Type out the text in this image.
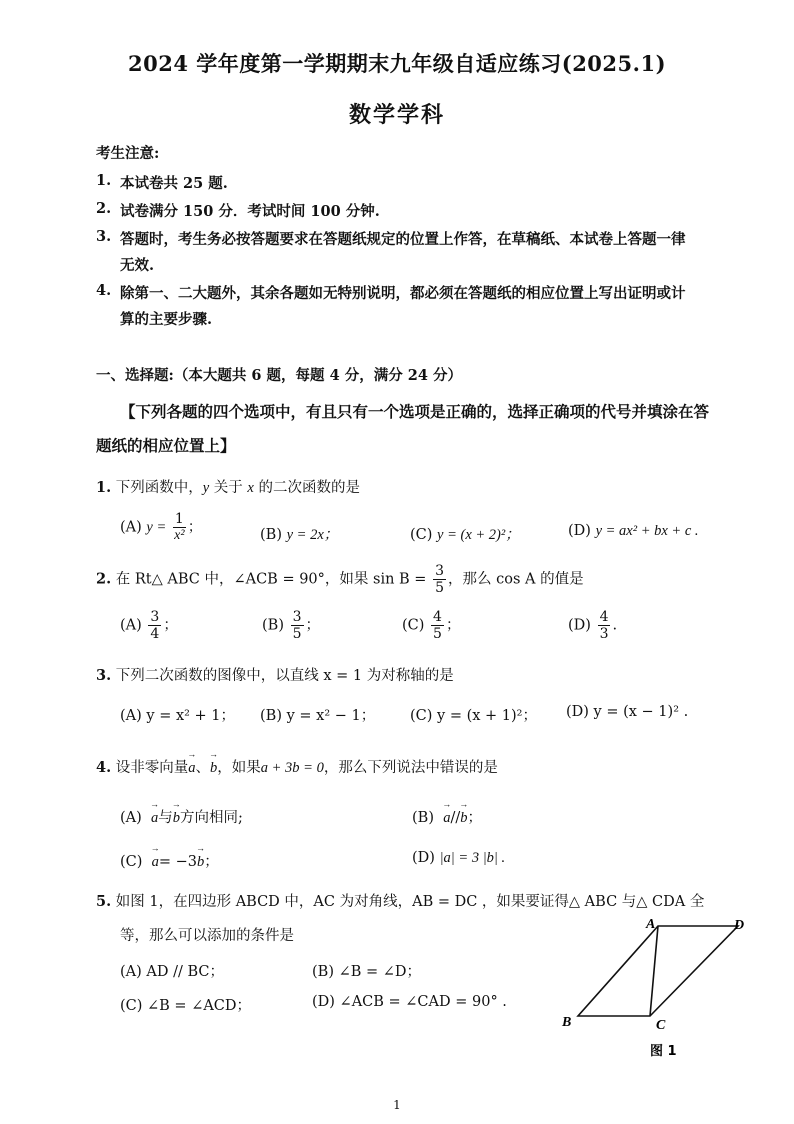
2024 学年度第一学期期末九年级自适应练习(2025.1)
数学学科
考生注意:
1. 本试卷共 25 题.
2. 试卷满分 150 分．考试时间 100 分钟.
3. 答题时，考生务必按答题要求在答题纸规定的位置上作答，在草稿纸、本试卷上答题一律
无效.
4. 除第一、二大题外，其余各题如无特别说明，都必须在答题纸的相应位置上写出证明或计
算的主要步骤.
一、选择题:（本大题共 6 题，每题 4 分，满分 24 分）
【下列各题的四个选项中，有且只有一个选项是正确的，选择正确项的代号并填涂在答
题纸的相应位置上】
1. 下列函数中，y 关于 x 的二次函数的是
(A) $y = \frac{1}{\text{x²}}$ ；	(B) y = 2x；	(C) y = (x + 2)²；	(D) y = ax² + bx + c .
2. 在 Rt△ ABC 中，∠ACB = 90°，如果 $\sin B = \frac{3}{5}$ ，那么 cos A 的值是
$(A) \frac{3}{4}$ ；	$(B) \frac{3}{5}$ ；	$(C) \frac{4}{5}$ ；	$(D) \frac{4}{3}$ .
3. 下列二次函数的图像中，以直线 x = 1 为对称轴的是
(A) y = x² + 1； (B) y = x² − 1； (C) y = (x + 1)²； (D) y = (x − 1)² .
4. 设非零向量→ a、→ b，如果a + 3b = 0，那么下列说法中错误的是
(A) → a与→ b方向相同;	(B) → a//→ b；
(C) → a= −3→ b；	(D) |a| = 3 |b| .
5. 如图 1，在四边形 ABCD 中，AC 为对角线，AB = DC ，如果要证得△ ABC 与△ CDA 全
等，那么可以添加的条件是
(A) AD // BC；	(B) ∠B = ∠D；
(C) ∠B = ∠ACD；	(D) ∠ACB = ∠CAD = 90° .
A
B	C
D
图 1
1
